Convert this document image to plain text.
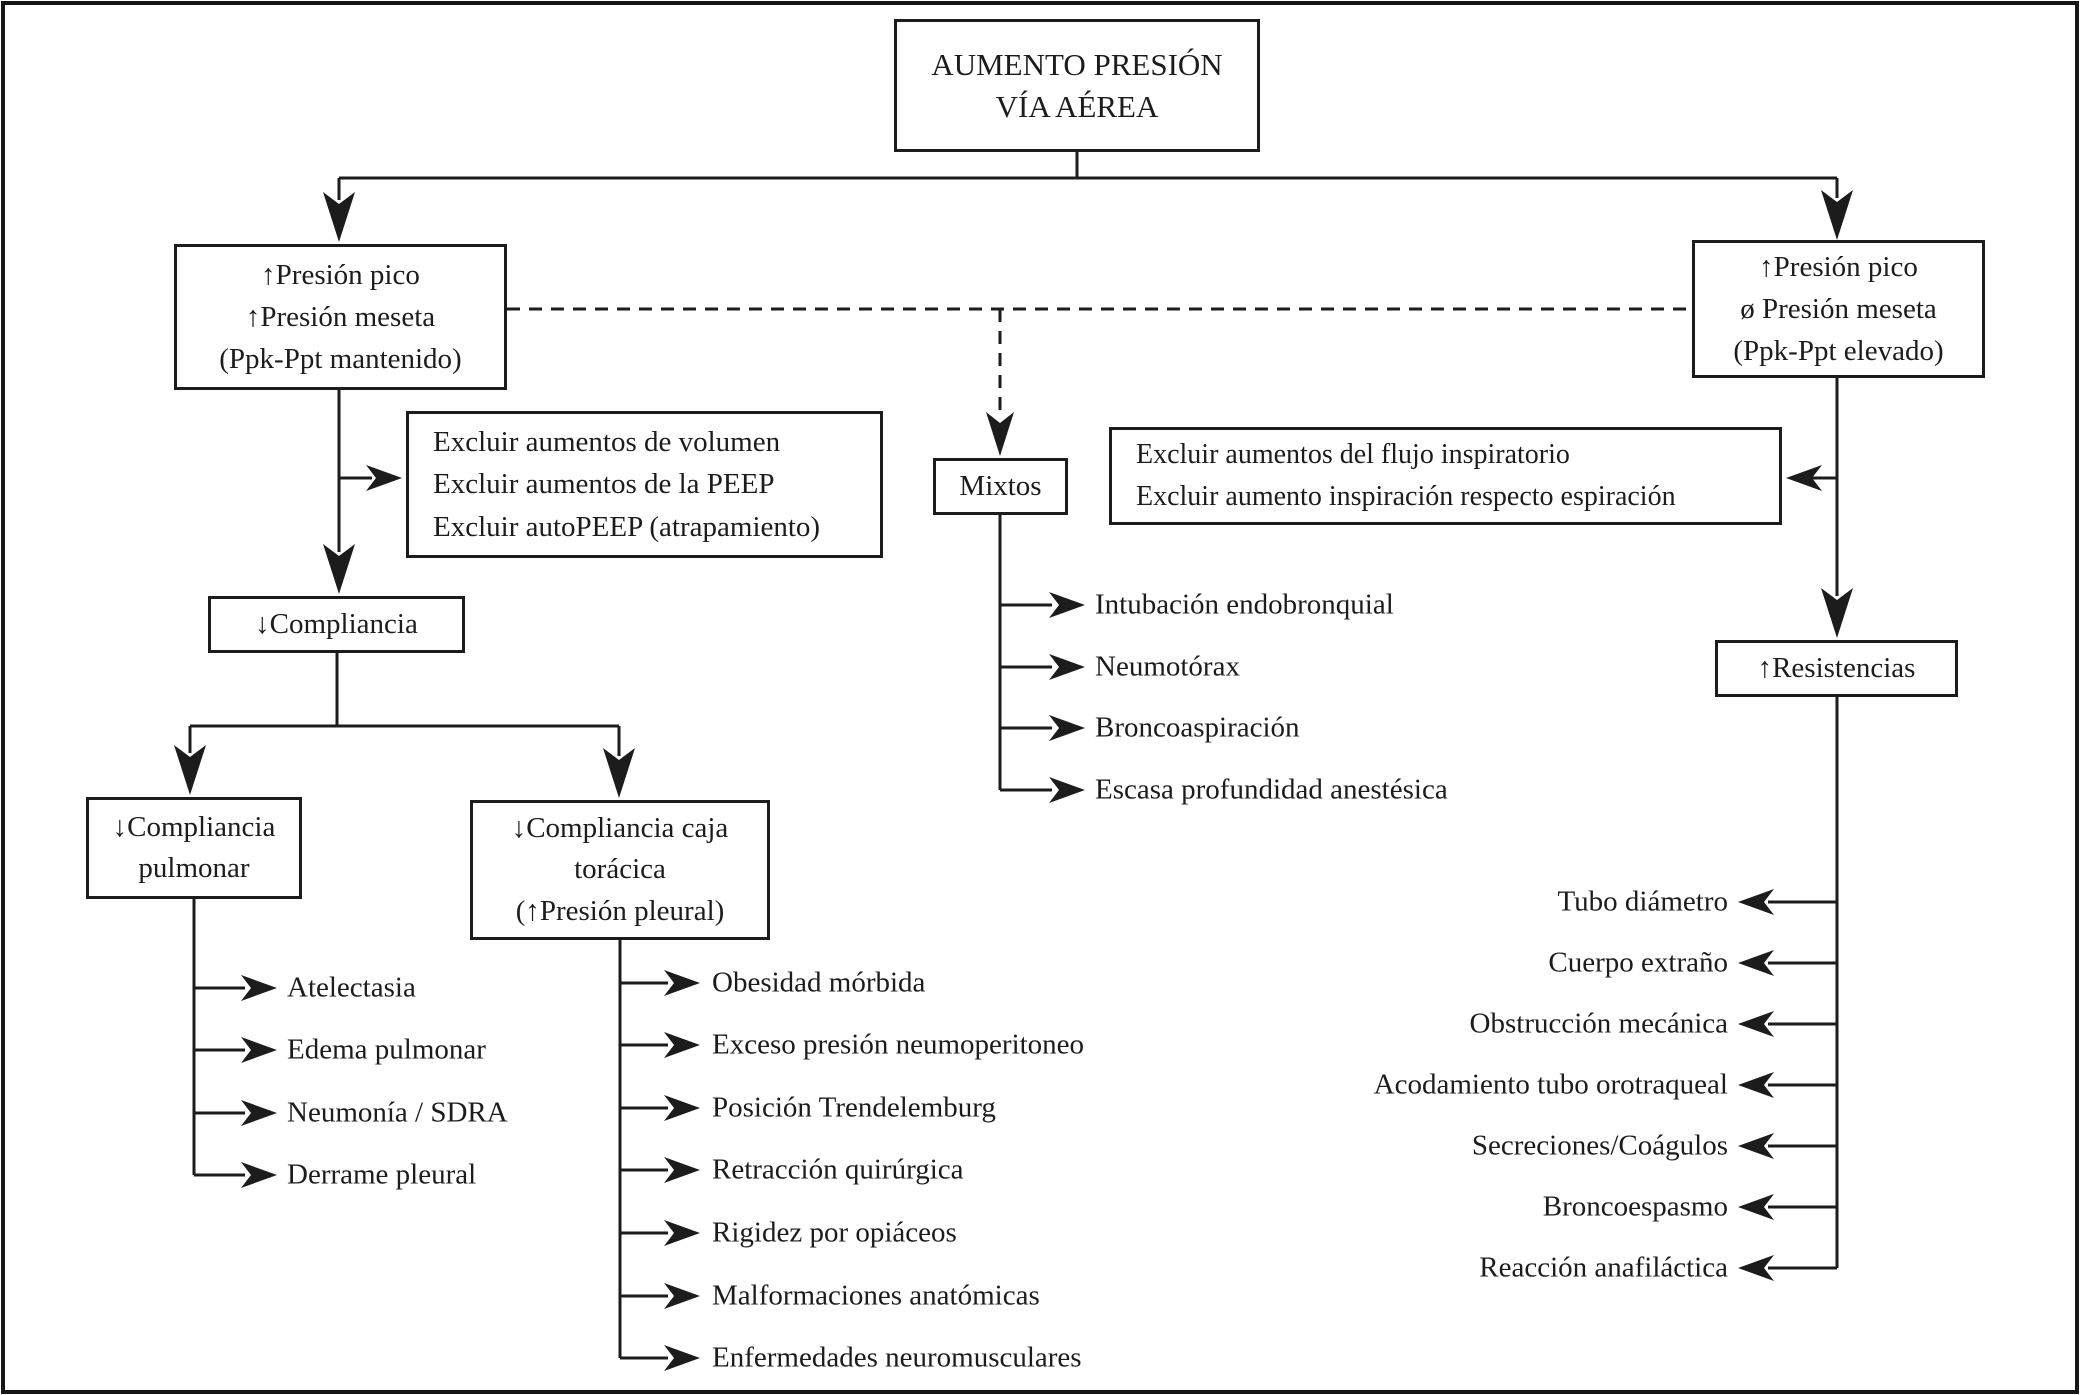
AUMENTO PRESIÓN
VÍA AÉREA
↑Presión pico
↑Presión meseta
(Ppk-Ppt mantenido)
↑Presión pico
ø Presión meseta
(Ppk-Ppt elevado)
Excluir aumentos de volumen
Excluir aumentos de la PEEP
Excluir autoPEEP (atrapamiento)
Excluir aumentos del flujo inspiratorio
Excluir aumento inspiración respecto espiración
Mixtos
↓Compliancia
↓Compliancia
pulmonar
↓Compliancia caja
torácica
(↑Presión pleural)
↑Resistencias
Atelectasia
Edema pulmonar
Neumonía / SDRA
Derrame pleural
Obesidad mórbida
Exceso presión neumoperitoneo
Posición Trendelemburg
Retracción quirúrgica
Rigidez por opiáceos
Malformaciones anatómicas
Enfermedades neuromusculares
Intubación endobronquial
Neumotórax
Broncoaspiración
Escasa profundidad anestésica
Tubo diámetro
Cuerpo extraño
Obstrucción mecánica
Acodamiento tubo orotraqueal
Secreciones/Coágulos
Broncoespasmo
Reacción anafiláctica
